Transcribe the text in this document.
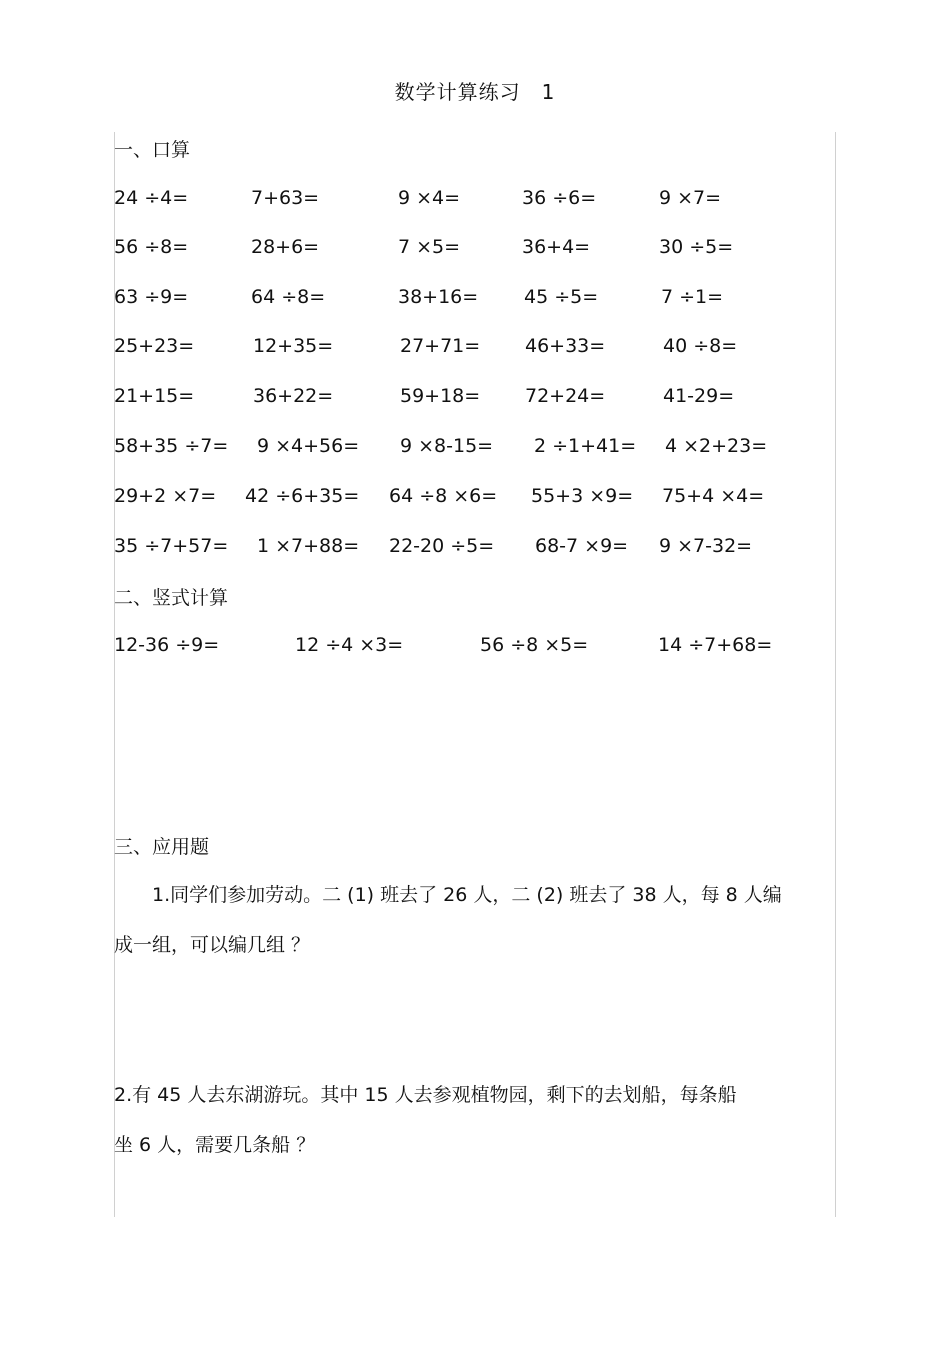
数学计算练习　1
一、口算
24 ÷4=	7+63=	9 ×4=	36 ÷6=	9 ×7=
56 ÷8=	28+6=	7 ×5=	36+4=	30 ÷5=
63 ÷9=	64 ÷8=	38+16= 45 ÷5=	7 ÷1=
25+23=	12+35=	27+71= 46+33=	40 ÷8=
21+15=	36+22=	59+18= 72+24=	41-29=
58+35 ÷7= 9 ×4+56= 9 ×8-15= 2 ÷1+41= 4 ×2+23=
29+2 ×7= 42 ÷6+35= 64 ÷8 ×6= 55+3 ×9= 75+4 ×4=
35 ÷7+57= 1 ×7+88= 22-20 ÷5= 68-7 ×9= 9 ×7-32=
二、竖式计算
12-36 ÷9=	12 ÷4 ×3=	56 ÷8 ×5=	14 ÷7+68=
三、应用题
1.同学们参加劳动。二 (1) 班去了 26 人，二 (2) 班去了 38 人，每 8 人编
成一组，可以编几组 ？
2.有 45 人去东湖游玩。其中 15 人去参观植物园，剩下的去划船，每条船
坐 6 人，需要几条船 ？
